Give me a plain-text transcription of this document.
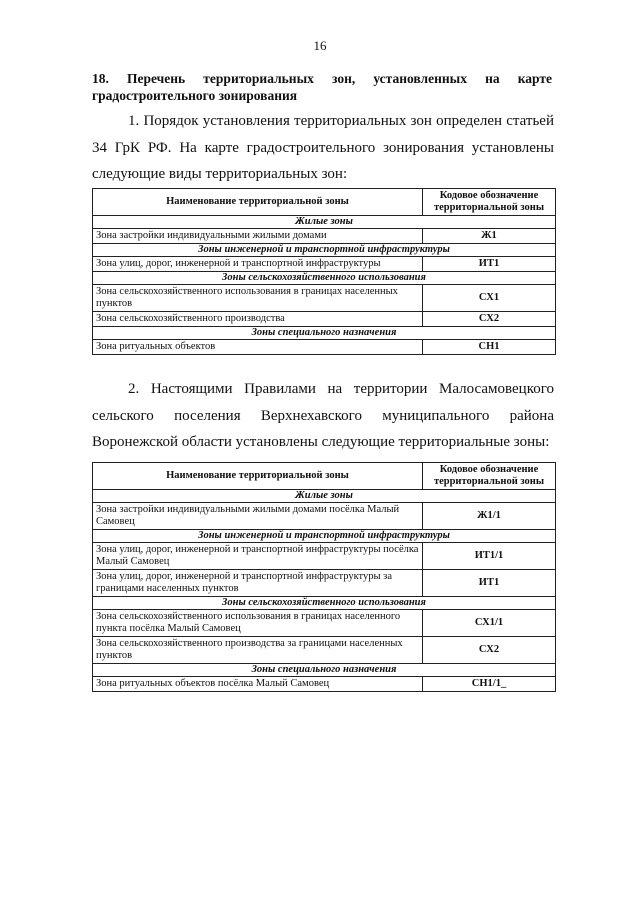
16
18. Перечень территориальных зон, установленных на карте градостроительного зонирования
1. Порядок установления территориальных зон определен статьей 34 ГрК РФ. На карте градостроительного зонирования установлены следующие виды территориальных зон:
Наименование территориальной зоны	Кодовое обозначение территориальной зоны
Жилые зоны	
Зона застройки индивидуальными жилыми домами	Ж1
Зоны инженерной и транспортной инфраструктуры	
Зона улиц, дорог, инженерной и транспортной инфраструктуры	ИТ1
Зоны сельскохозяйственного использования	
Зона сельскохозяйственного использования в границах населенных пунктов	СХ1
Зона сельскохозяйственного производства	СХ2
Зоны специального назначения	
Зона ритуальных объектов	СН1
2. Настоящими Правилами на территории Малосамовецкого сельского поселения Верхнехавского муниципального района Воронежской области установлены следующие территориальные зоны:
Наименование территориальной зоны	Кодовое обозначение территориальной зоны
Жилые зоны	
Зона застройки индивидуальными жилыми домами посёлка Малый Самовец	Ж1/1
Зоны инженерной и транспортной инфраструктуры	
Зона улиц, дорог, инженерной и транспортной инфраструктуры посёлка Малый Самовец	ИТ1/1
Зона улиц, дорог, инженерной и транспортной инфраструктуры за границами населенных пунктов	ИТ1
Зоны сельскохозяйственного использования	
Зона сельскохозяйственного использования в границах населенного пункта посёлка Малый Самовец	СХ1/1
Зона сельскохозяйственного производства за границами населенных пунктов	СХ2
Зоны специального назначения	
Зона ритуальных объектов посёлка Малый Самовец	СН1/1_
